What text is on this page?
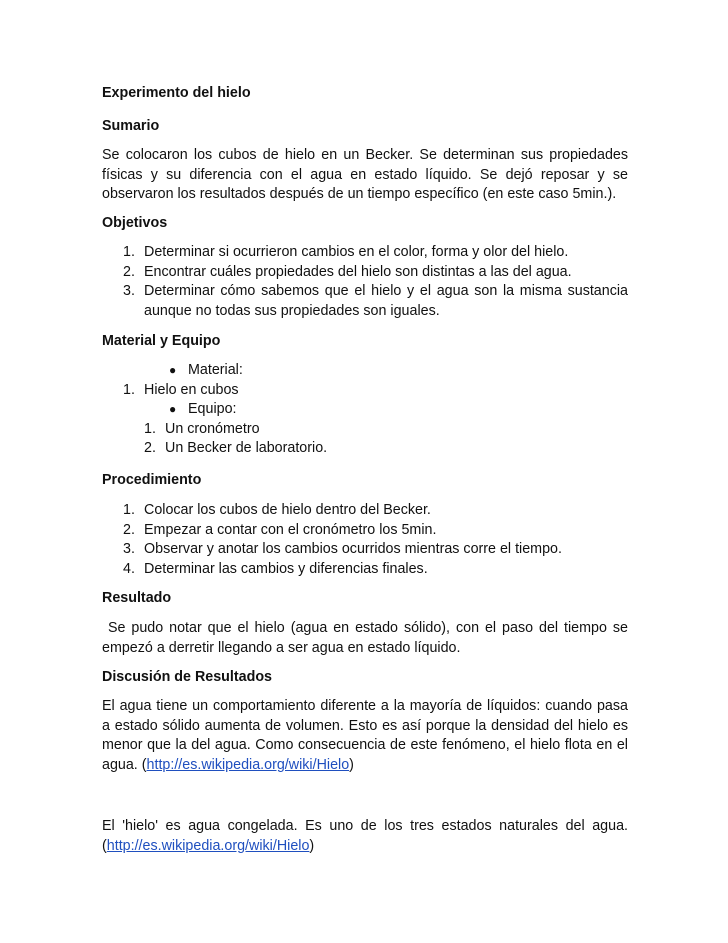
Experimento del hielo

Sumario

Se colocaron los cubos de hielo en un Becker. Se determinan sus propiedades físicas y su diferencia con el agua en estado líquido. Se dejó reposar y se observaron los resultados después de un tiempo específico (en este caso 5min.).

Objetivos

1. Determinar si ocurrieron cambios en el color, forma y olor del hielo.
2. Encontrar cuáles propiedades del hielo son distintas a las del agua.
3. Determinar cómo sabemos que el hielo y el agua son la misma sustancia aunque no todas sus propiedades son iguales.

Material y Equipo

● Material:
1. Hielo en cubos
● Equipo:
1. Un cronómetro
2. Un Becker de laboratorio.

Procedimiento

1. Colocar los cubos de hielo dentro del Becker.
2. Empezar a contar con el cronómetro los 5min.
3. Observar y anotar los cambios ocurridos mientras corre el tiempo.
4. Determinar las cambios y diferencias finales.

Resultado

Se pudo notar que el hielo (agua en estado sólido), con el paso del tiempo se empezó a derretir llegando a ser agua en estado líquido.

Discusión de Resultados

El agua tiene un comportamiento diferente a la mayoría de líquidos: cuando pasa a estado sólido aumenta de volumen. Esto es así porque la densidad del hielo es menor que la del agua. Como consecuencia de este fenómeno, el hielo flota en el agua. (http://es.wikipedia.org/wiki/Hielo)

El 'hielo' es agua congelada. Es uno de los tres estados naturales del agua. (http://es.wikipedia.org/wiki/Hielo)
